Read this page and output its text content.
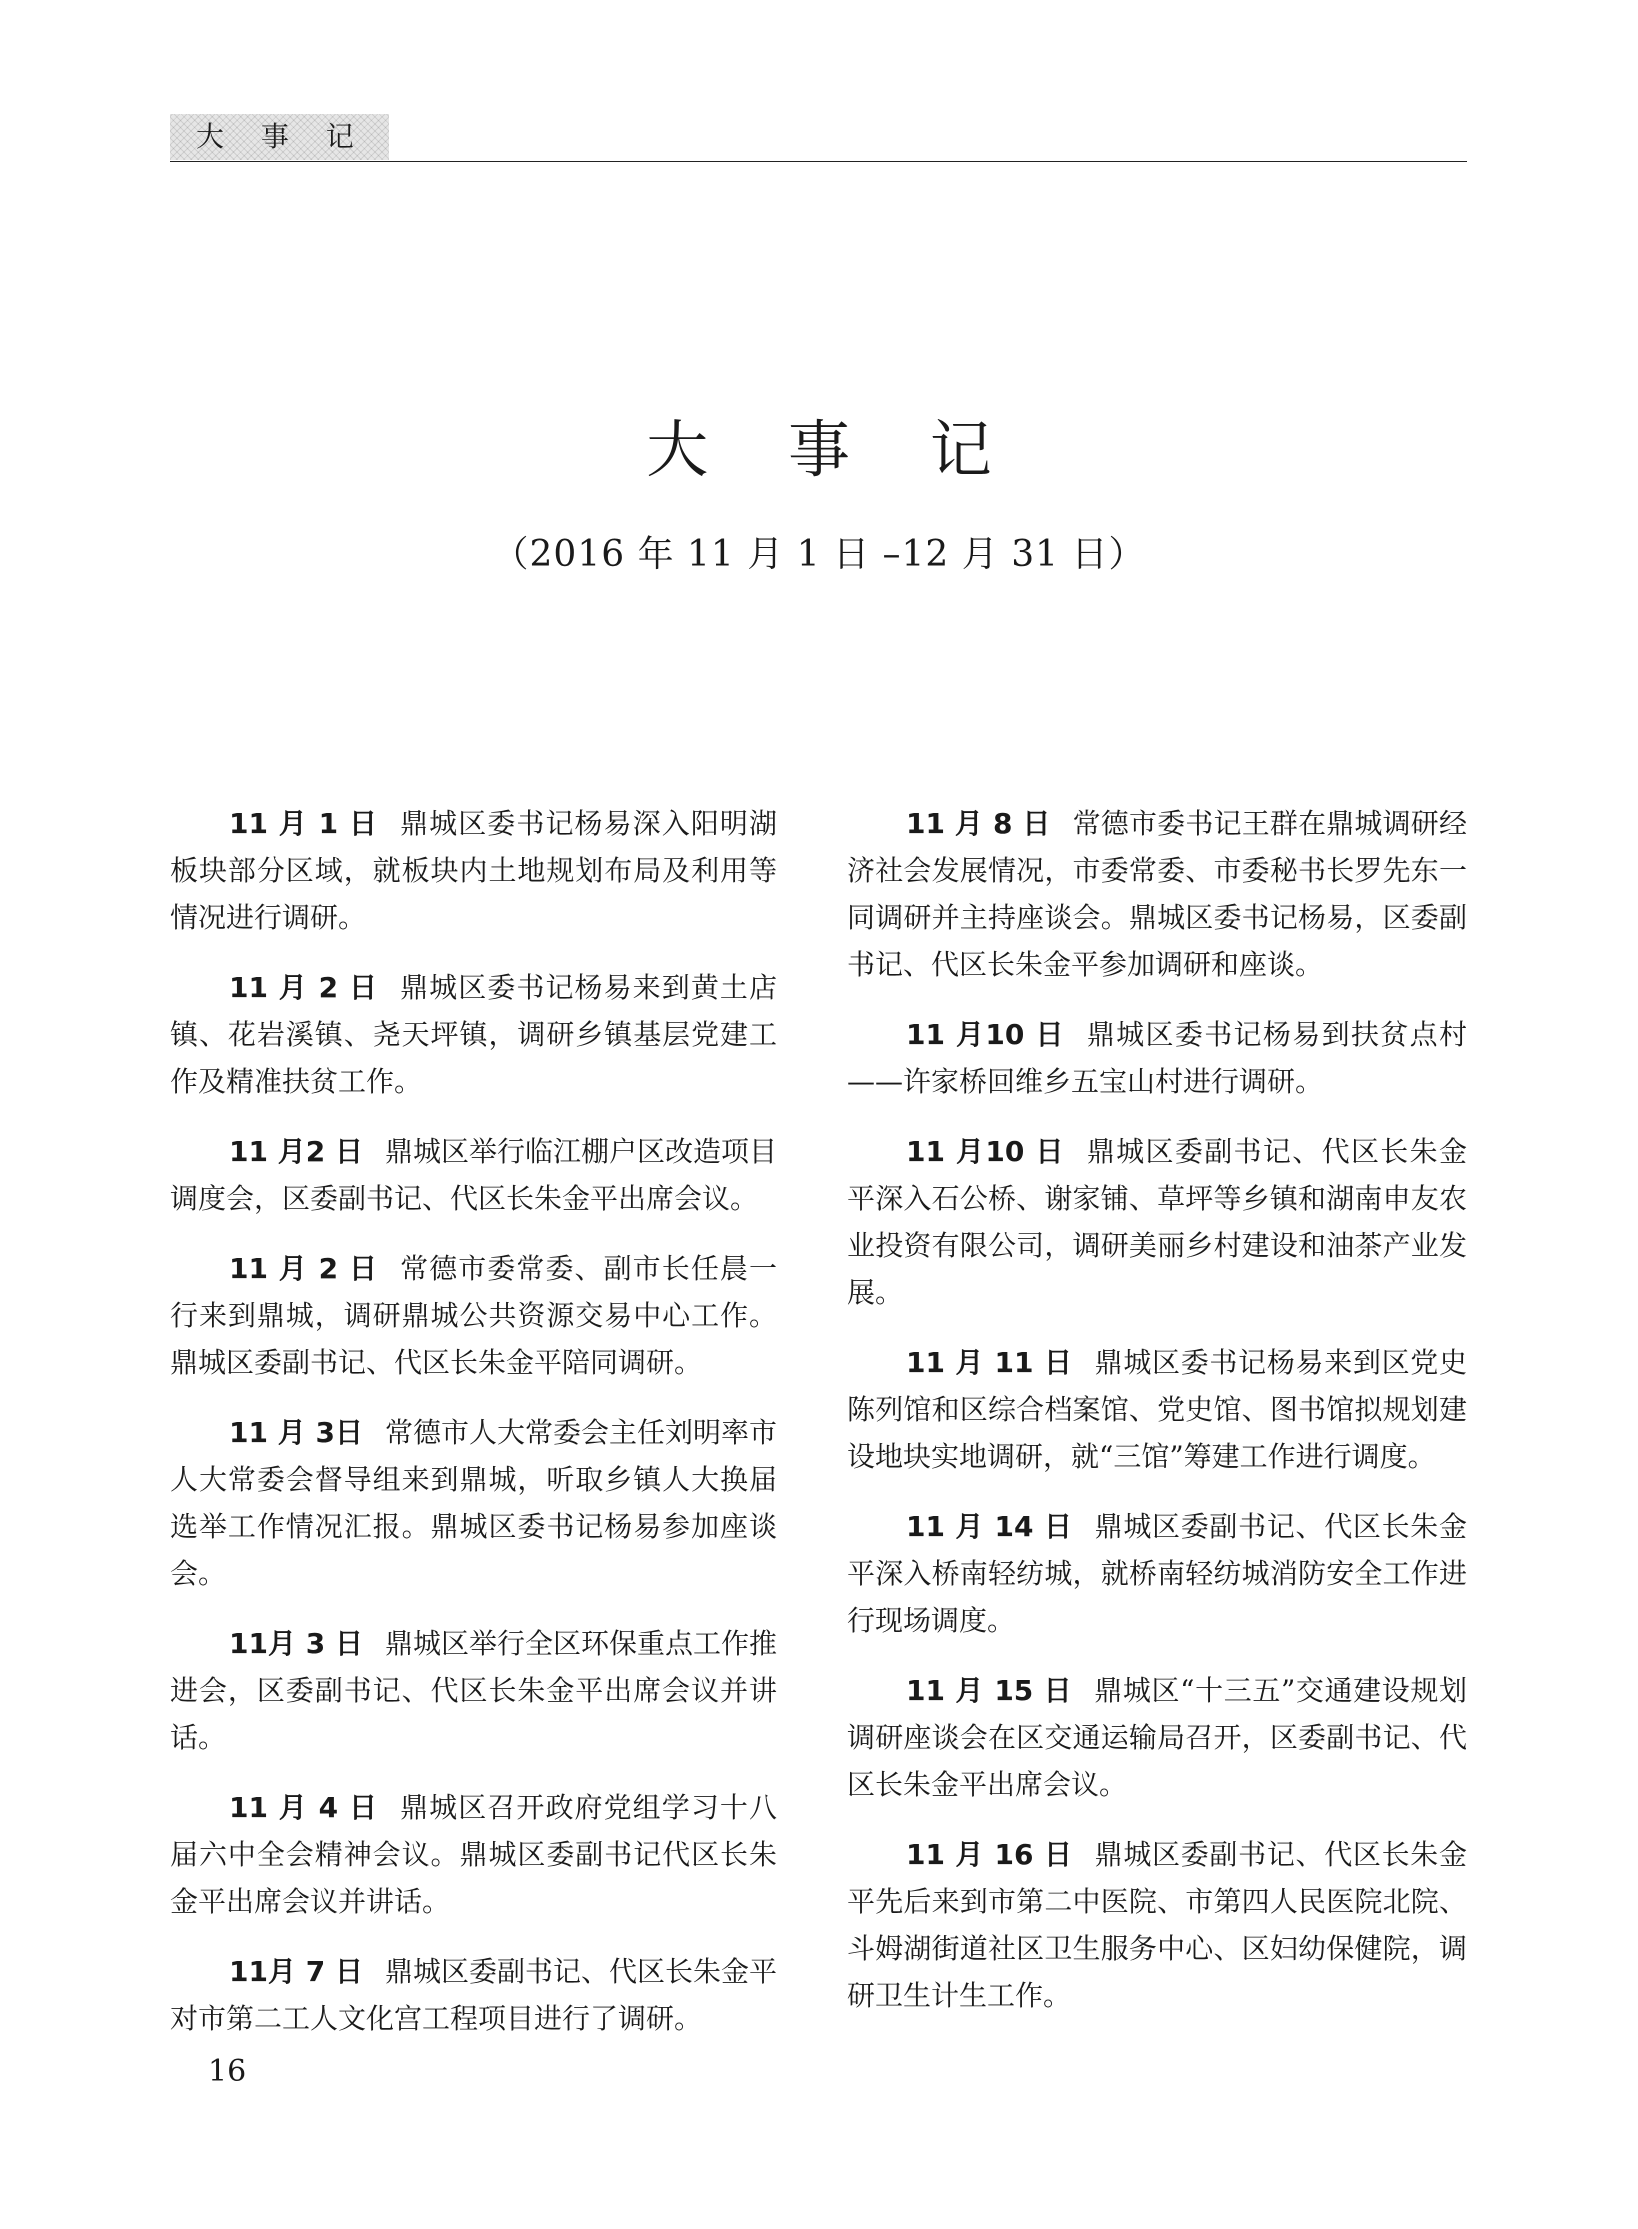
大 事 记
大 事 记
（2016 年 11 月 1 日 –12 月 31 日）

11 月 1 日 鼎城区委书记杨易深入阳明湖板块部分区域，就板块内土地规划布局及利用等情况进行调研。

11 月 2 日 鼎城区委书记杨易来到黄土店镇、花岩溪镇、尧天坪镇，调研乡镇基层党建工作及精准扶贫工作。

11 月2 日 鼎城区举行临江棚户区改造项目调度会，区委副书记、代区长朱金平出席会议。

11 月 2 日 常德市委常委、副市长任晨一行来到鼎城，调研鼎城公共资源交易中心工作。鼎城区委副书记、代区长朱金平陪同调研。

11 月 3日 常德市人大常委会主任刘明率市人大常委会督导组来到鼎城，听取乡镇人大换届选举工作情况汇报。鼎城区委书记杨易参加座谈会。

11月 3 日 鼎城区举行全区环保重点工作推进会，区委副书记、代区长朱金平出席会议并讲话。

11 月 4 日 鼎城区召开政府党组学习十八届六中全会精神会议。鼎城区委副书记代区长朱金平出席会议并讲话。

11月 7 日 鼎城区委副书记、代区长朱金平对市第二工人文化宫工程项目进行了调研。

11 月 8 日 常德市委书记王群在鼎城调研经济社会发展情况，市委常委、市委秘书长罗先东一同调研并主持座谈会。鼎城区委书记杨易，区委副书记、代区长朱金平参加调研和座谈。

11 月10 日 鼎城区委书记杨易到扶贫点村——许家桥回维乡五宝山村进行调研。

11 月10 日 鼎城区委副书记、代区长朱金平深入石公桥、谢家铺、草坪等乡镇和湖南申友农业投资有限公司，调研美丽乡村建设和油茶产业发展。

11 月 11 日 鼎城区委书记杨易来到区党史陈列馆和区综合档案馆、党史馆、图书馆拟规划建设地块实地调研，就“三馆”筹建工作进行调度。

11 月 14 日 鼎城区委副书记、代区长朱金平深入桥南轻纺城，就桥南轻纺城消防安全工作进行现场调度。

11 月 15 日 鼎城区“十三五”交通建设规划调研座谈会在区交通运输局召开，区委副书记、代区长朱金平出席会议。

11 月 16 日 鼎城区委副书记、代区长朱金平先后来到市第二中医院、市第四人民医院北院、斗姆湖街道社区卫生服务中心、区妇幼保健院，调研卫生计生工作。

16
